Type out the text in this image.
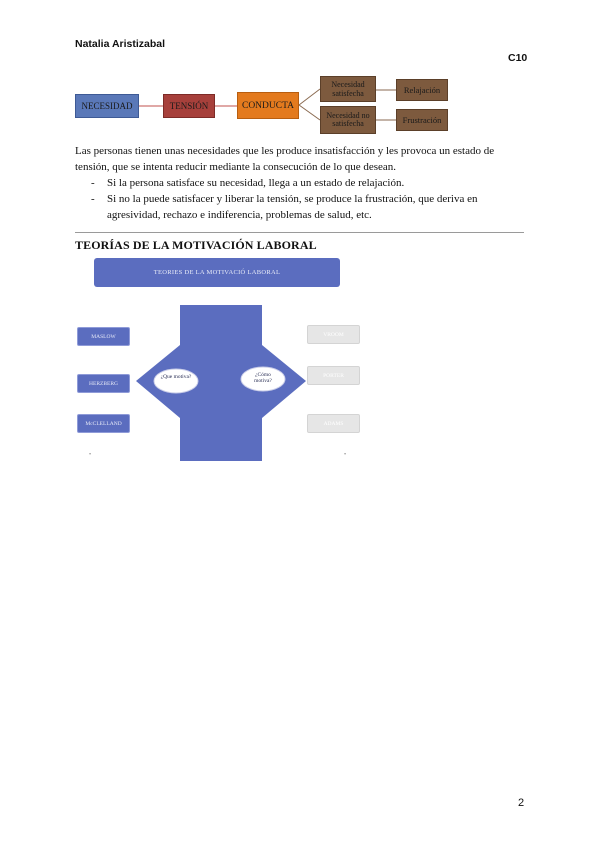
Natalia Aristizabal
C10
NECESIDAD	TENSIÓN	CONDUCTA
Necesidad satisfecha
Necesidad no satisfecha
Relajación
Frustración
Las personas tienen unas necesidades que les produce insatisfacción y les provoca un estado de tensión, que se intenta reducir mediante la consecución de lo que desean.
- Si la persona satisface su necesidad, llega a un estado de relajación.
- Si no la puede satisfacer y liberar la tensión, se produce la frustración, que deriva en agresividad, rechazo e indiferencia, problemas de salud, etc.
TEORÍAS DE LA MOTIVACIÓN LABORAL
TEORIES DE LA MOTIVACIÓ LABORAL
¿Que motiva?	¿Cómo motiva?
MASLOW
HERZBERG
McCLELLAND
VROOM
PORTER
ADAMS
•	•
2
